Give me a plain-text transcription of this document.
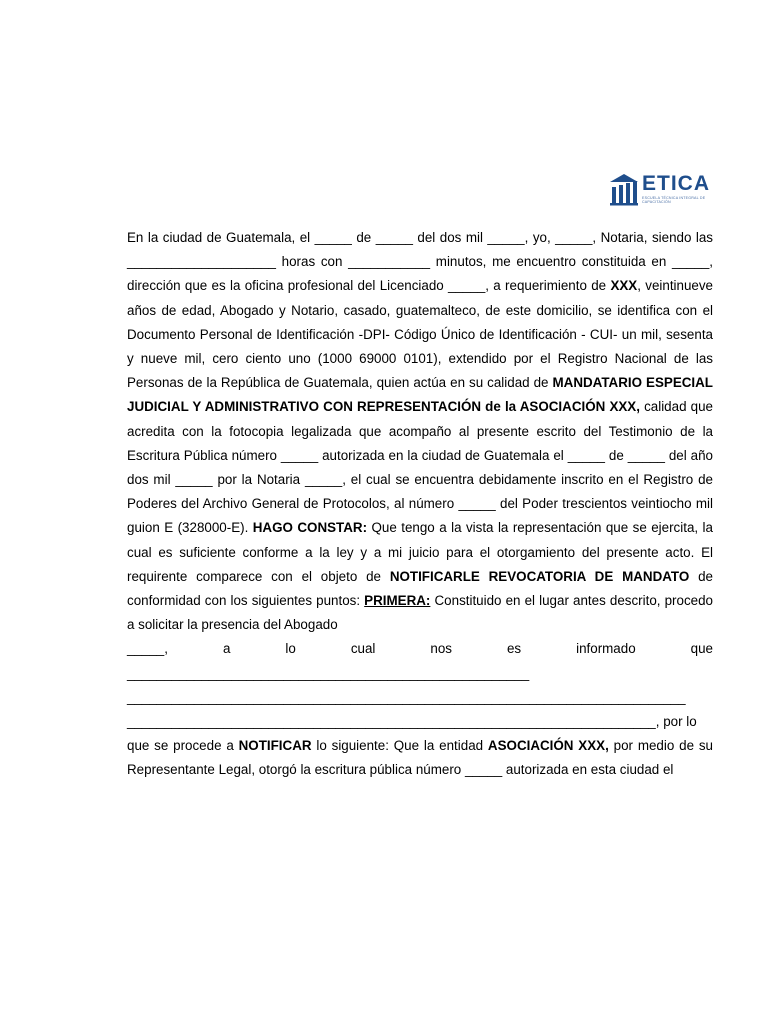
ETICA
ESCUELA TÉCNICA INTEGRAL DE CAPACITACIÓN

En la ciudad de Guatemala, el _____ de _____ del dos mil _____, yo, _____, Notaria, siendo las ____________________ horas con ___________ minutos, me encuentro constituida en _____, dirección que es la oficina profesional del Licenciado _____, a requerimiento de XXX, veintinueve años de edad, Abogado y Notario, casado, guatemalteco, de este domicilio, se identifica con el Documento Personal de Identificación -DPI- Código Único de Identificación - CUI- un mil, sesenta y nueve mil, cero ciento uno (1000 69000 0101), extendido por el Registro Nacional de las Personas de la República de Guatemala, quien actúa en su calidad de MANDATARIO ESPECIAL JUDICIAL Y ADMINISTRATIVO CON REPRESENTACIÓN de la ASOCIACIÓN XXX, calidad que acredita con la fotocopia legalizada que acompaño al presente escrito del Testimonio de la Escritura Pública número _____ autorizada en la ciudad de Guatemala el _____ de _____ del año dos mil _____ por la Notaria _____, el cual se encuentra debidamente inscrito en el Registro de Poderes del Archivo General de Protocolos, al número _____ del Poder trescientos veintiocho mil guion E (328000-E). HAGO CONSTAR: Que tengo a la vista la representación que se ejercita, la cual es suficiente conforme a la ley y a mi juicio para el otorgamiento del presente acto. El requirente comparece con el objeto de NOTIFICARLE REVOCATORIA DE MANDATO de conformidad con los siguientes puntos: PRIMERA: Constituido en el lugar antes descrito, procedo a solicitar la presencia del Abogado

_____, a lo cual nos es informado que

______________________________________________________

___________________________________________________________________________

_______________________________________________________________________, por lo

que se procede a NOTIFICAR lo siguiente: Que la entidad ASOCIACIÓN XXX, por medio de su Representante Legal, otorgó la escritura pública número _____ autorizada en esta ciudad el
